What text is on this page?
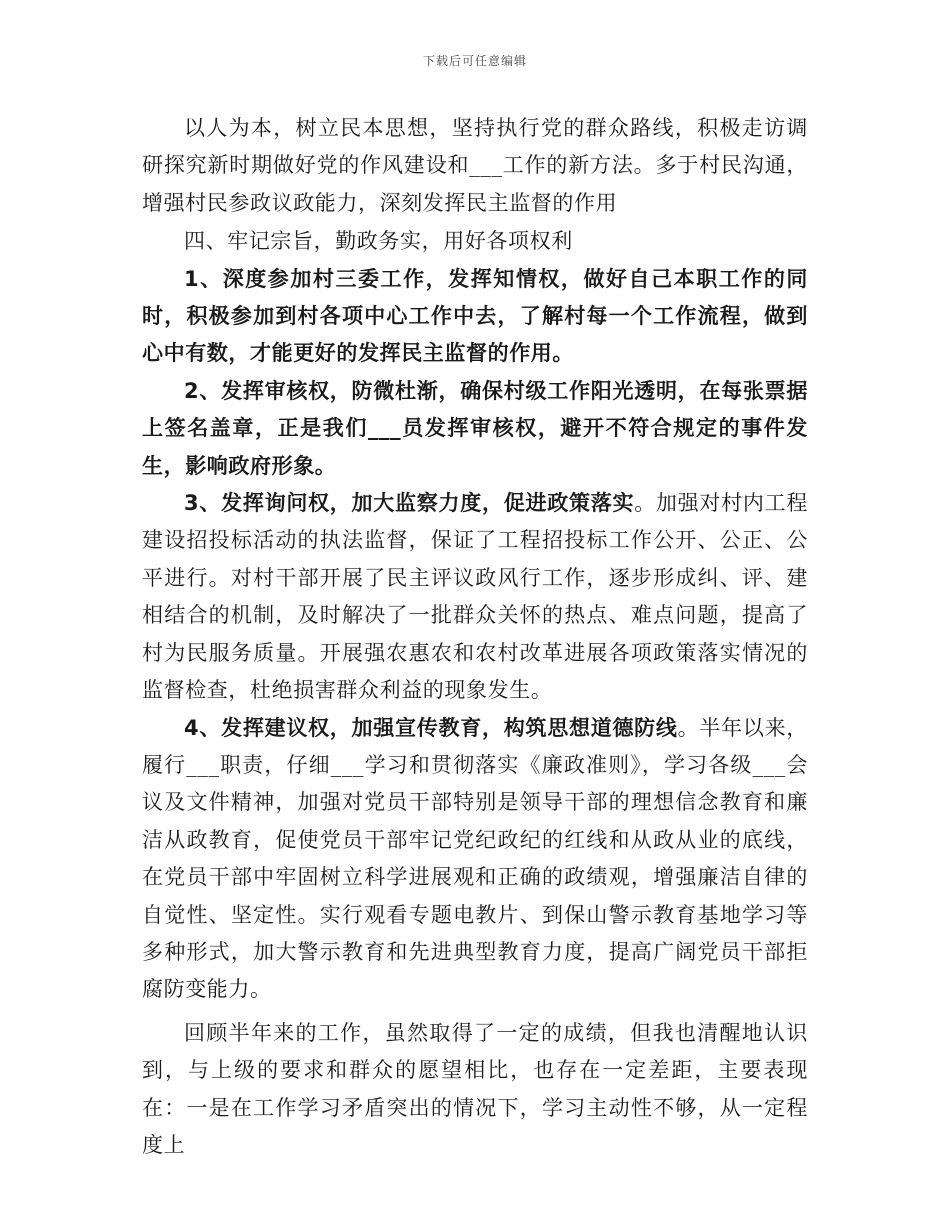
下载后可任意编辑

以人为本，树立民本思想，坚持执行党的群众路线，积极走访调研探究新时期做好党的作风建设和___工作的新方法。多于村民沟通，增强村民参政议政能力，深刻发挥民主监督的作用

四、牢记宗旨，勤政务实，用好各项权利

1、深度参加村三委工作，发挥知情权，做好自己本职工作的同时，积极参加到村各项中心工作中去，了解村每一个工作流程，做到心中有数，才能更好的发挥民主监督的作用。

2、发挥审核权，防微杜渐，确保村级工作阳光透明，在每张票据上签名盖章，正是我们___员发挥审核权，避开不符合规定的事件发生，影响政府形象。

3、发挥询问权，加大监察力度，促进政策落实。加强对村内工程建设招投标活动的执法监督，保证了工程招投标工作公开、公正、公平进行。对村干部开展了民主评议政风行工作，逐步形成纠、评、建相结合的机制，及时解决了一批群众关怀的热点、难点问题，提高了村为民服务质量。开展强农惠农和农村改革进展各项政策落实情况的监督检查，杜绝损害群众利益的现象发生。

4、发挥建议权，加强宣传教育，构筑思想道德防线。半年以来，履行___职责，仔细___学习和贯彻落实《廉政准则》，学习各级___会议及文件精神，加强对党员干部特别是领导干部的理想信念教育和廉洁从政教育，促使党员干部牢记党纪政纪的红线和从政从业的底线，在党员干部中牢固树立科学进展观和正确的政绩观，增强廉洁自律的自觉性、坚定性。实行观看专题电教片、到保山警示教育基地学习等多种形式，加大警示教育和先进典型教育力度，提高广阔党员干部拒腐防变能力。

回顾半年来的工作，虽然取得了一定的成绩，但我也清醒地认识到，与上级的要求和群众的愿望相比，也存在一定差距，主要表现在：一是在工作学习矛盾突出的情况下，学习主动性不够，从一定程度上
